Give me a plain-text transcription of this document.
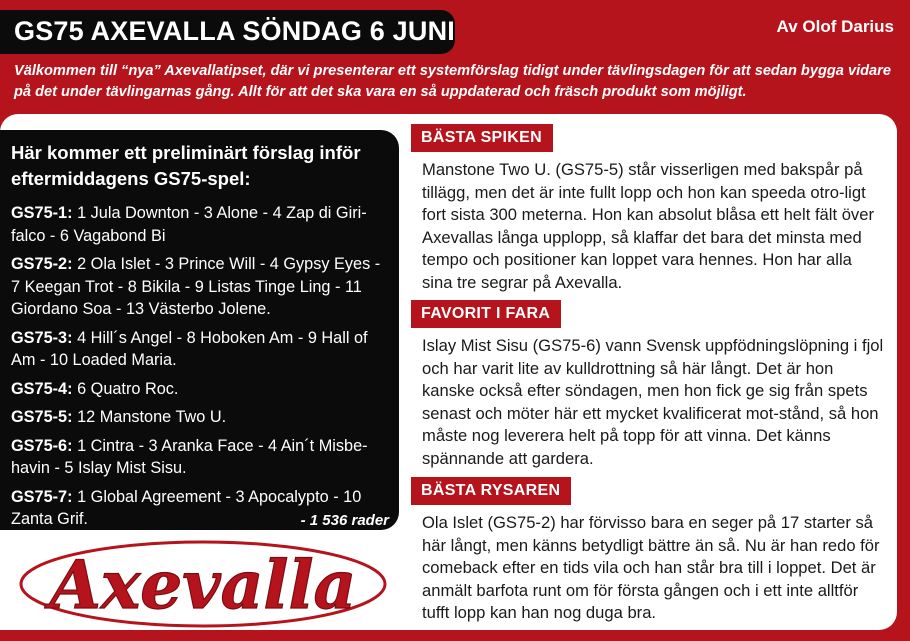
GS75 AXEVALLA SÖNDAG 6 JUNI	Av Olof Darius

Välkommen till “nya” Axevallatipset, där vi presenterar ett systemförslag tidigt under tävlingsdagen för att sedan bygga vidare på det under tävlingarnas gång. Allt för att det ska vara en så uppdaterad och fräsch produkt som möjligt.

Här kommer ett preliminärt förslag inför eftermiddagens GS75-spel:

GS75-1: 1 Jula Downton - 3 Alone - 4 Zap di Giri-falco - 6 Vagabond Bi
GS75-2: 2 Ola Islet - 3 Prince Will - 4 Gypsy Eyes - 7 Keegan Trot - 8 Bikila - 9 Listas Tinge Ling - 11 Giordano Soa - 13 Västerbo Jolene.
GS75-3: 4 Hill´s Angel - 8 Hoboken Am - 9 Hall of Am - 10 Loaded Maria.
GS75-4: 6 Quatro Roc.
GS75-5: 12 Manstone Two U.
GS75-6: 1 Cintra - 3 Aranka Face - 4 Ain´t Misbe-havin - 5 Islay Mist Sisu.
GS75-7: 1 Global Agreement - 3 Apocalypto - 10 Zanta Grif.	- 1 536 rader
Axevalla
BÄSTA SPIKEN

Manstone Two U. (GS75-5) står visserligen med bakspår på tillägg, men det är inte fullt lopp och hon kan speeda otro-ligt fort sista 300 meterna. Hon kan absolut blåsa ett helt fält över Axevallas långa upplopp, så klaffar det bara det minsta med tempo och positioner kan loppet vara hennes. Hon har alla sina tre segrar på Axevalla.

FAVORIT I FARA

Islay Mist Sisu (GS75-6) vann Svensk uppfödningslöpning i fjol och har varit lite av kulldrottning så här långt. Det är hon kanske också efter söndagen, men hon fick ge sig från spets senast och möter här ett mycket kvalificerat mot-stånd, så hon måste nog leverera helt på topp för att vinna. Det känns spännande att gardera.

BÄSTA RYSAREN

Ola Islet (GS75-2) har förvisso bara en seger på 17 starter så här långt, men känns betydligt bättre än så. Nu är han redo för comeback efter en tids vila och han står bra till i loppet. Det är anmält barfota runt om för första gången och i ett inte alltför tufft lopp kan han nog duga bra.
